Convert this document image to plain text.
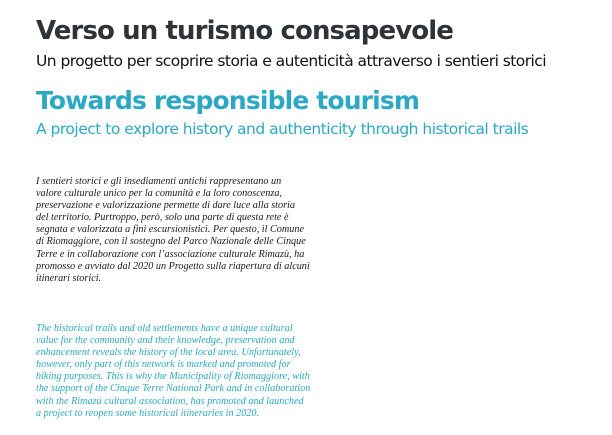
Verso un turismo consapevole
Un progetto per scoprire storia e autenticità attraverso i sentieri storici
Towards responsible tourism
A project to explore history and authenticity through historical trails
I sentieri storici e gli insediamenti antichi rappresentano un
valore culturale unico per la comunità e la loro conoscenza,
preservazione e valorizzazione permette di dare luce alla storia
del territorio. Purtroppo, però, solo una parte di questa rete è
segnata e valorizzata a fini escursionistici. Per questo, il Comune
di Riomaggiore, con il sostegno del Parco Nazionale delle Cinque
Terre e in collaborazione con l’associazione culturale Rimazù, ha
promosso e avviato dal 2020 un Progetto sulla riapertura di alcuni
itinerari storici.
The historical trails and old settlements have a unique cultural
value for the community and their knowledge, preservation and
enhancement reveals the history of the local area. Unfortunately,
however, only part of this network is marked and promoted for
hiking purposes. This is why the Municipality of Riomaggiore, with
the support of the Cinque Terre National Park and in collaboration
with the Rimazú cultural association, has promoted and launched
a project to reopen some historical itineraries in 2020.
